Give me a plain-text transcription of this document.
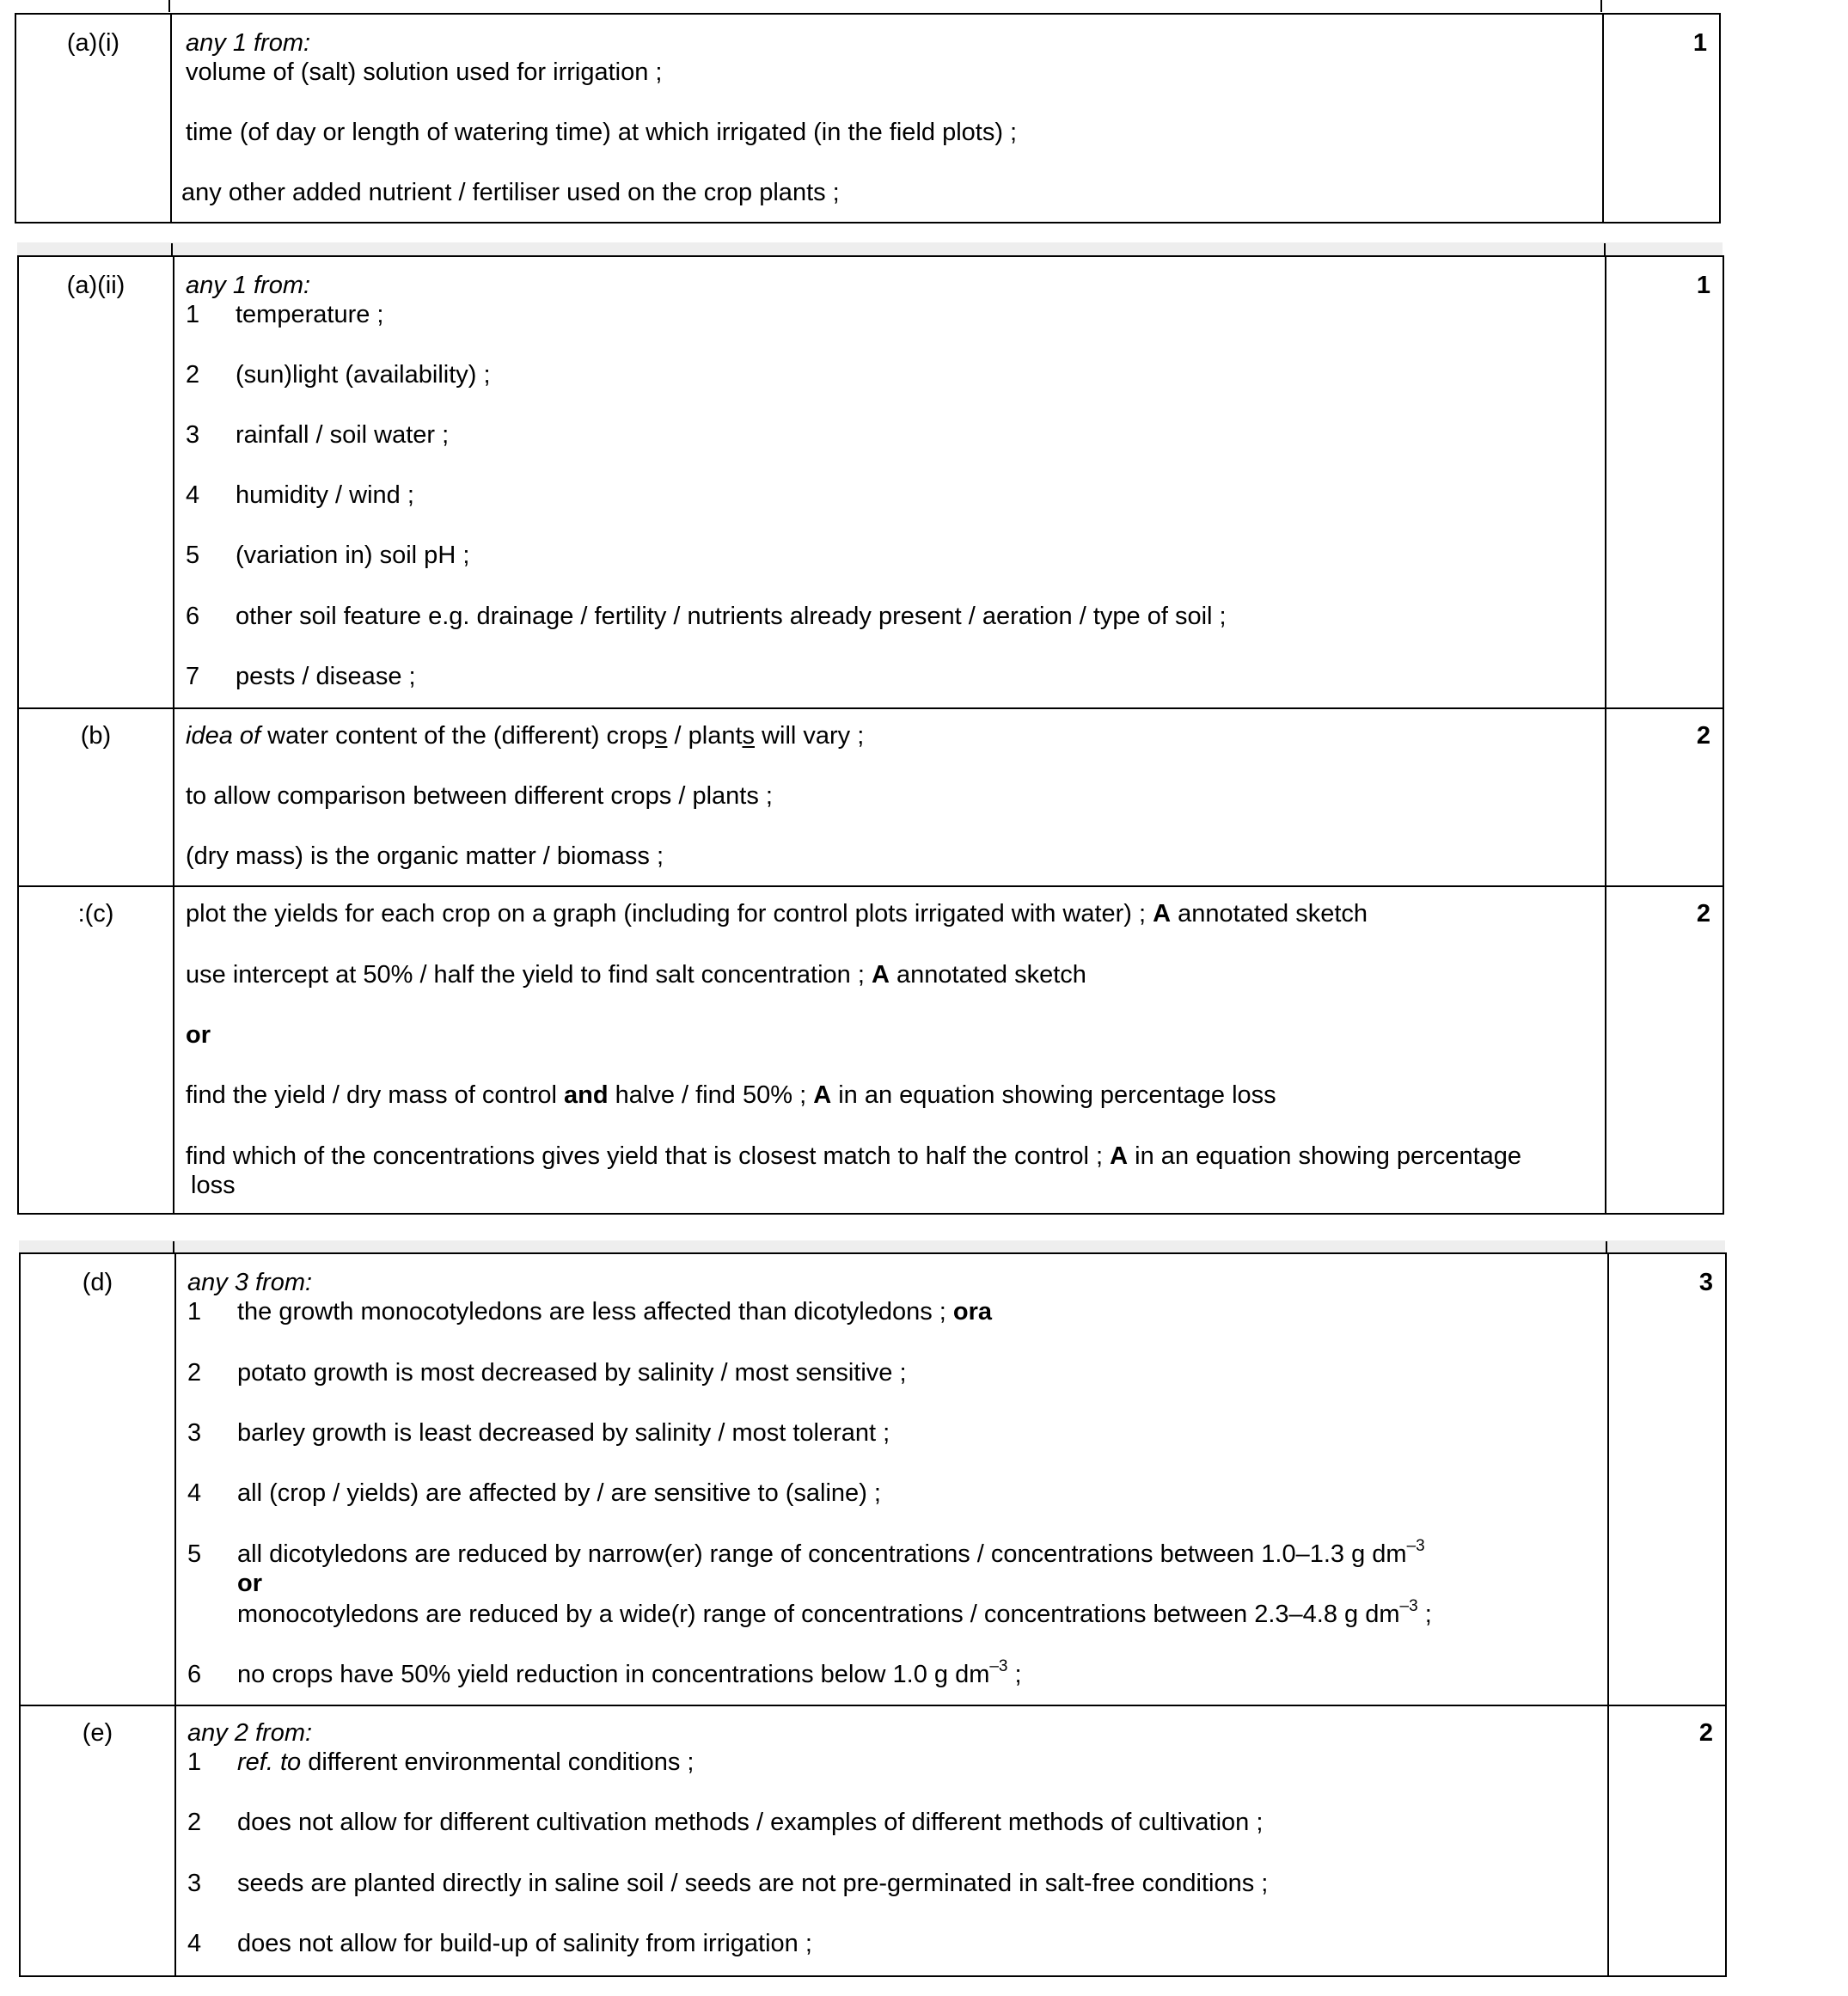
(a)(i)	1
any 1 from:
volume of (salt) solution used for irrigation ;
time (of day or length of watering time) at which irrigated (in the field plots) ;
any other added nutrient / fertiliser used on the crop plants ;
(a)(ii)	1
any 1 from:
1 temperature ;
2 (sun)light (availability) ;
3 rainfall / soil water ;
4 humidity / wind ;
5 (variation in) soil pH ;
6 other soil feature e.g. drainage / fertility / nutrients already present / aeration / type of soil ;
7 pests / disease ;
(b)	2
idea of water content of the (different) crops / plants will vary ;
to allow comparison between different crops / plants ;
(dry mass) is the organic matter / biomass ;
:(c)	2
plot the yields for each crop on a graph (including for control plots irrigated with water) ; A annotated sketch
use intercept at 50% / half the yield to find salt concentration ; A annotated sketch
or
find the yield / dry mass of control and halve / find 50% ; A in an equation showing percentage loss
find which of the concentrations gives yield that is closest match to half the control ; A in an equation showing percentage
loss
(d)	3
any 3 from:
1 the growth monocotyledons are less affected than dicotyledons ; ora
2 potato growth is most decreased by salinity / most sensitive ;
3 barley growth is least decreased by salinity / most tolerant ;
4 all (crop / yields) are affected by / are sensitive to (saline) ;
5 all dicotyledons are reduced by narrow(er) range of concentrations / concentrations between 1.0–1.3 g $dm^{-3}$
or
monocotyledons are reduced by a wide(r) range of concentrations / concentrations between 2.3–4.8 g $dm^{-3}$ ;
6 no crops have 50% yield reduction in concentrations below 1.0 g $dm^{-3}$ ;
(e)	2
any 2 from:
1 ref. to different environmental conditions ;
2 does not allow for different cultivation methods / examples of different methods of cultivation ;
3 seeds are planted directly in saline soil / seeds are not pre-germinated in salt-free conditions ;
4 does not allow for build-up of salinity from irrigation ;
